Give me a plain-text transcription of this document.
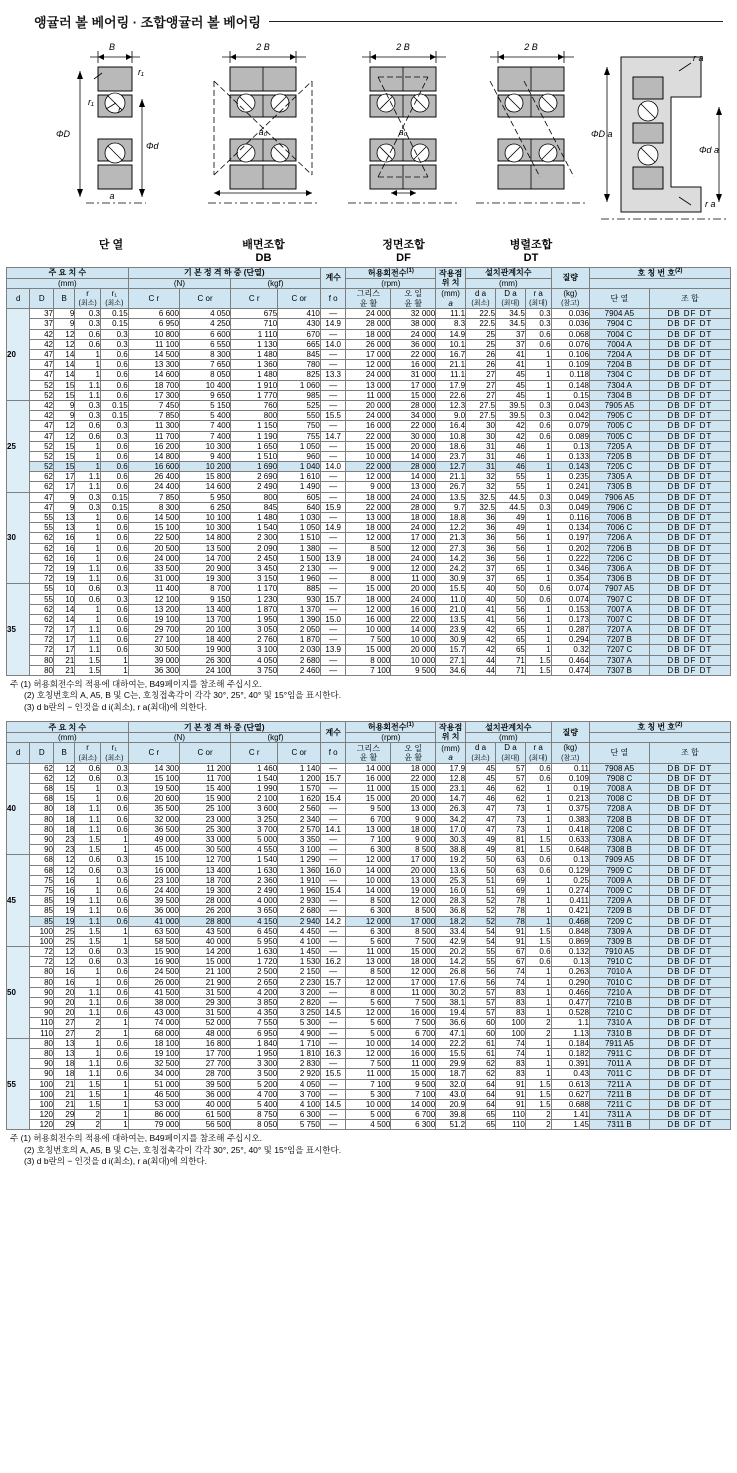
앵귤러 볼 베어링 · 조합앵귤러 볼 베어링
B
r₁
r₁
r
ΦD
Φd
a
단 열
2 B
a₀
배면조합
DB
2 B
a₀
정면조합
DF
2 B
병렬조합
DT
r a
ΦD a
Φd a
r a
주 요 치 수					기 본 정 격 하 중 (단열)				계수	허용회전수$^{(1)}$		작용점 위 치	설치관계치수			질량	호 칭 번 호$^{(2)}$
(mm)					(N)		(kgf)			(rpm)			(mm)					
d	D	B	r
(최소)	r₁
(최소)	C r	C or	C r	C or	f o	그리스
윤 활	오 일
윤 활	(mm)
a	d a
(최소)	D a
(최대)	r a
(최대)	(kg)
(참고)	단 열	조 합
20	37	9	0.3	0.15	6 600	4 050	675	410	—	24 000	32 000	11.1	22.5	34.5	0.3	0.036	7904 A5	DB DF DT
	37	9	0.3	0.15	6 950	4 250	710	430	14.9	28 000	38 000	8.3	22.5	34.5	0.3	0.036	7904 C	DB DF DT
	42	12	0.6	0.3	10 800	6 600	1 110	670	—	18 000	24 000	14.9	25	37	0.6	0.068	7004 C	DB DF DT
	42	12	0.6	0.3	11 100	6 550	1 130	665	14.0	26 000	36 000	10.1	25	37	0.6	0.076	7004 A	DB DF DT
	47	14	1	0.6	14 500	8 300	1 480	845	—	17 000	22 000	16.7	26	41	1	0.106	7204 A	DB DF DT
	47	14	1	0.6	13 300	7 650	1 360	780	—	12 000	16 000	21.1	26	41	1	0.109	7204 B	DB DF DT
	47	14	1	0.6	14 600	8 050	1 480	825	13.3	24 000	31 000	11.1	27	45	1	0.118	7304 C	DB DF DT
	52	15	1.1	0.6	18 700	10 400	1 910	1 060	—	13 000	17 000	17.9	27	45	1	0.148	7304 A	DB DF DT
	52	15	1.1	0.6	17 300	9 650	1 770	985	—	11 000	15 000	22.6	27	45	1	0.15	7304 B	DB DF DT
25	42	9	0.3	0.15	7 450	5 150	760	525	—	20 000	28 000	12.3	27.5	39.5	0.3	0.043	7905 A5	DB DF DT
	42	9	0.3	0.15	7 850	5 400	800	550	15.5	24 000	34 000	9.0	27.5	39.5	0.3	0.042	7905 C	DB DF DT
	47	12	0.6	0.3	11 300	7 400	1 150	750	—	16 000	22 000	16.4	30	42	0.6	0.079	7005 C	DB DF DT
	47	12	0.6	0.3	11 700	7 400	1 190	755	14.7	22 000	30 000	10.8	30	42	0.6	0.089	7005 C	DB DF DT
	52	15	1	0.6	16 200	10 300	1 650	1 050	—	15 000	20 000	18.6	31	46	1	0.13	7205 A	DB DF DT
	52	15	1	0.6	14 800	9 400	1 510	960	—	10 000	14 000	23.7	31	46	1	0.133	7205 B	DB DF DT
	52	15	1	0.6	16 600	10 200	1 690	1 040	14.0	22 000	28 000	12.7	31	46	1	0.143	7205 C	DB DF DT
	62	17	1.1	0.6	26 400	15 800	2 690	1 610	—	12 000	14 000	21.1	32	55	1	0.235	7305 A	DB DF DT
	62	17	1.1	0.6	24 400	14 600	2 490	1 490	—	9 000	13 000	26.7	32	55	1	0.241	7305 B	DB DF DT
30	47	9	0.3	0.15	7 850	5 950	800	605	—	18 000	24 000	13.5	32.5	44.5	0.3	0.049	7906 A5	DB DF DT
	47	9	0.3	0.15	8 300	6 250	845	640	15.9	22 000	28 000	9.7	32.5	44.5	0.3	0.049	7906 C	DB DF DT
	55	13	1	0.6	14 500	10 100	1 480	1 030	—	13 000	18 000	18.8	36	49	1	0.116	7006 B	DB DF DT
	55	13	1	0.6	15 100	10 300	1 540	1 050	14.9	18 000	24 000	12.2	36	49	1	0.134	7006 C	DB DF DT
	62	16	1	0.6	22 500	14 800	2 300	1 510	—	12 000	17 000	21.3	36	56	1	0.197	7206 A	DB DF DT
	62	16	1	0.6	20 500	13 500	2 090	1 380	—	8 500	12 000	27.3	36	56	1	0.202	7206 B	DB DF DT
	62	16	1	0.6	24 000	14 700	2 450	1 500	13.9	18 000	24 000	14.2	36	56	1	0.222	7206 C	DB DF DT
	72	19	1.1	0.6	33 500	20 900	3 450	2 130	—	9 000	12 000	24.2	37	65	1	0.346	7306 A	DB DF DT
	72	19	1.1	0.6	31 000	19 300	3 150	1 960	—	8 000	11 000	30.9	37	65	1	0.354	7306 B	DB DF DT
35	55	10	0.6	0.3	11 400	8 700	1 170	885	—	15 000	20 000	15.5	40	50	0.6	0.074	7907 A5	DB DF DT
	55	10	0.6	0.3	12 100	9 150	1 230	930	15.7	18 000	24 000	11.0	40	50	0.6	0.074	7907 C	DB DF DT
	62	14	1	0.6	13 200	13 400	1 870	1 370	—	12 000	16 000	21.0	41	56	1	0.153	7007 A	DB DF DT
	62	14	1	0.6	19 100	13 700	1 950	1 390	15.0	16 000	22 000	13.5	41	56	1	0.173	7007 C	DB DF DT
	72	17	1.1	0.6	29 700	20 100	3 050	2 050	—	10 000	14 000	23.9	42	65	1	0.287	7207 A	DB DF DT
	72	17	1.1	0.6	27 100	18 400	2 760	1 870	—	7 500	10 000	30.9	42	65	1	0.294	7207 B	DB DF DT
	72	17	1.1	0.6	30 500	19 900	3 100	2 030	13.9	15 000	20 000	15.7	42	65	1	0.32	7207 C	DB DF DT
	80	21	1.5	1	39 000	26 300	4 050	2 680	—	8 000	10 000	27.1	44	71	1.5	0.464	7307 A	DB DF DT
	80	21	1.5	1	36 300	24 100	3 750	2 460	—	7 100	9 500	34.6	44	71	1.5	0.474	7307 B	DB DF DT
주 (1) 허용회전수의 적용에 대하여는, B49페이지를 참조해 주십시오.
(2) 호칭번호의 A, A5, B 및 C는, 호칭접촉각이 각각 30°, 25°, 40° 및 15°임을 표시한다.
(3) d b란의 − 인것을 d i(최소), r a(최대)에 의한다.
주 요 치 수					기 본 정 격 하 중 (단열)				계수	허용회전수$^{(1)}$		작용점 위 치	설치관계치수			질량	호 칭 번 호$^{(2)}$
(mm)					(N)		(kgf)			(rpm)			(mm)					
d	D	B	r
(최소)	r₁
(최소)	C r	C or	C r	C or	f o	그리스
윤 활	오 일
윤 활	(mm)
a	d a
(최소)	D a
(최대)	r a
(최대)	(kg)
(참고)	단 열	조 합
40	62	12	0.6	0.3	14 300	11 200	1 460	1 140	—	14 000	18 000	17.9	45	57	0.6	0.11	7908 A5	DB DF DT
	62	12	0.6	0.3	15 100	11 700	1 540	1 200	15.7	16 000	22 000	12.8	45	57	0.6	0.109	7908 C	DB DF DT
	68	15	1	0.3	19 500	15 400	1 990	1 570	—	11 000	15 000	23.1	46	62	1	0.19	7008 A	DB DF DT
	68	15	1	0.6	20 600	15 900	2 100	1 620	15.4	15 000	20 000	14.7	46	62	1	0.213	7008 C	DB DF DT
	80	18	1.1	0.6	35 500	25 100	3 600	2 560	—	9 500	13 000	26.3	47	73	1	0.375	7208 A	DB DF DT
	80	18	1.1	0.6	32 000	23 000	3 250	2 340	—	6 700	9 000	34.2	47	73	1	0.383	7208 B	DB DF DT
	80	18	1.1	0.6	36 500	25 300	3 700	2 570	14.1	13 000	18 000	17.0	47	73	1	0.418	7208 C	DB DF DT
	90	23	1.5	1	49 000	33 000	5 000	3 350	—	7 100	9 000	30.3	49	81	1.5	0.633	7308 A	DB DF DT
	90	23	1.5	1	45 000	30 500	4 550	3 100	—	6 300	8 500	38.8	49	81	1.5	0.648	7308 B	DB DF DT
45	68	12	0.6	0.3	15 100	12 700	1 540	1 290	—	12 000	17 000	19.2	50	63	0.6	0.13	7909 A5	DB DF DT
	68	12	0.6	0.3	16 000	13 400	1 630	1 360	16.0	14 000	20 000	13.6	50	63	0.6	0.129	7909 C	DB DF DT
	75	16	1	0.6	23 100	18 700	2 360	1 910	—	10 000	13 000	25.3	51	69	1	0.25	7009 A	DB DF DT
	75	16	1	0.6	24 400	19 300	2 490	1 960	15.4	14 000	19 000	16.0	51	69	1	0.274	7009 C	DB DF DT
	85	19	1.1	0.6	39 500	28 000	4 000	2 930	—	8 500	12 000	28.3	52	78	1	0.411	7209 A	DB DF DT
	85	19	1.1	0.6	36 000	26 200	3 650	2 680	—	6 300	8 500	36.8	52	78	1	0.421	7209 B	DB DF DT
	85	19	1.1	0.6	41 000	28 800	4 150	2 940	14.2	12 000	17 000	18.2	52	78	1	0.468	7209 C	DB DF DT
	100	25	1.5	1	63 500	43 500	6 450	4 450	—	6 300	8 500	33.4	54	91	1.5	0.848	7309 A	DB DF DT
	100	25	1.5	1	58 500	40 000	5 950	4 100	—	5 600	7 500	42.9	54	91	1.5	0.869	7309 B	DB DF DT
50	72	12	0.6	0.3	15 900	14 200	1 630	1 450	—	11 000	15 000	20.2	55	67	0.6	0.132	7910 A5	DB DF DT
	72	12	0.6	0.3	16 900	15 000	1 720	1 530	16.2	13 000	18 000	14.2	55	67	0.6	0.13	7910 C	DB DF DT
	80	16	1	0.6	24 500	21 100	2 500	2 150	—	8 500	12 000	26.8	56	74	1	0.263	7010 A	DB DF DT
	80	16	1	0.6	26 000	21 900	2 650	2 230	15.7	12 000	17 000	17.6	56	74	1	0.290	7010 C	DB DF DT
	90	20	1.1	0.6	41 500	31 500	4 200	3 200	—	8 000	11 000	30.2	57	83	1	0.466	7210 A	DB DF DT
	90	20	1.1	0.6	38 000	29 300	3 850	2 820	—	5 600	7 500	38.1	57	83	1	0.477	7210 B	DB DF DT
	90	20	1.1	0.6	43 000	31 500	4 350	3 250	14.5	12 000	16 000	19.4	57	83	1	0.528	7210 C	DB DF DT
	110	27	2	1	74 000	52 000	7 550	5 300	—	5 600	7 500	36.6	60	100	2	1.1	7310 A	DB DF DT
	110	27	2	1	68 000	48 000	6 950	4 900	—	5 000	6 700	47.1	60	100	2	1.13	7310 B	DB DF DT
55	80	13	1	0.6	18 100	16 800	1 840	1 710	—	10 000	14 000	22.2	61	74	1	0.184	7911 A5	DB DF DT
	80	13	1	0.6	19 100	17 700	1 950	1 810	16.3	12 000	16 000	15.5	61	74	1	0.182	7911 C	DB DF DT
	90	18	1.1	0.6	32 500	27 700	3 300	2 830	—	7 500	11 000	29.9	62	83	1	0.391	7011 A	DB DF DT
	90	18	1.1	0.6	34 000	28 700	3 500	2 920	15.5	11 000	15 000	18.7	62	83	1	0.43	7011 C	DB DF DT
	100	21	1.5	1	51 000	39 500	5 200	4 050	—	7 100	9 500	32.0	64	91	1.5	0.613	7211 A	DB DF DT
	100	21	1.5	1	46 500	36 000	4 700	3 700	—	5 300	7 100	43.0	64	91	1.5	0.627	7211 B	DB DF DT
	100	21	1.5	1	53 000	40 000	5 400	4 100	14.5	10 000	14 000	20.9	64	91	1.5	0.688	7211 C	DB DF DT
	120	29	2	1	86 000	61 500	8 750	6 300	—	5 000	6 700	39.8	65	110	2	1.41	7311 A	DB DF DT
	120	29	2	1	79 000	56 500	8 050	5 750	—	4 500	6 300	51.2	65	110	2	1.45	7311 B	DB DF DT
주 (1) 허용회전수의 적용에 대하여는, B49페이지를 참조해 주십시오.
(2) 호칭번호의 A, A5, B 및 C는, 호칭접촉각이 각각 30°, 25°, 40° 및 15°임을 표시한다.
(3) d b란의 − 인것을 d i(최소), r a(최대)에 의한다.
